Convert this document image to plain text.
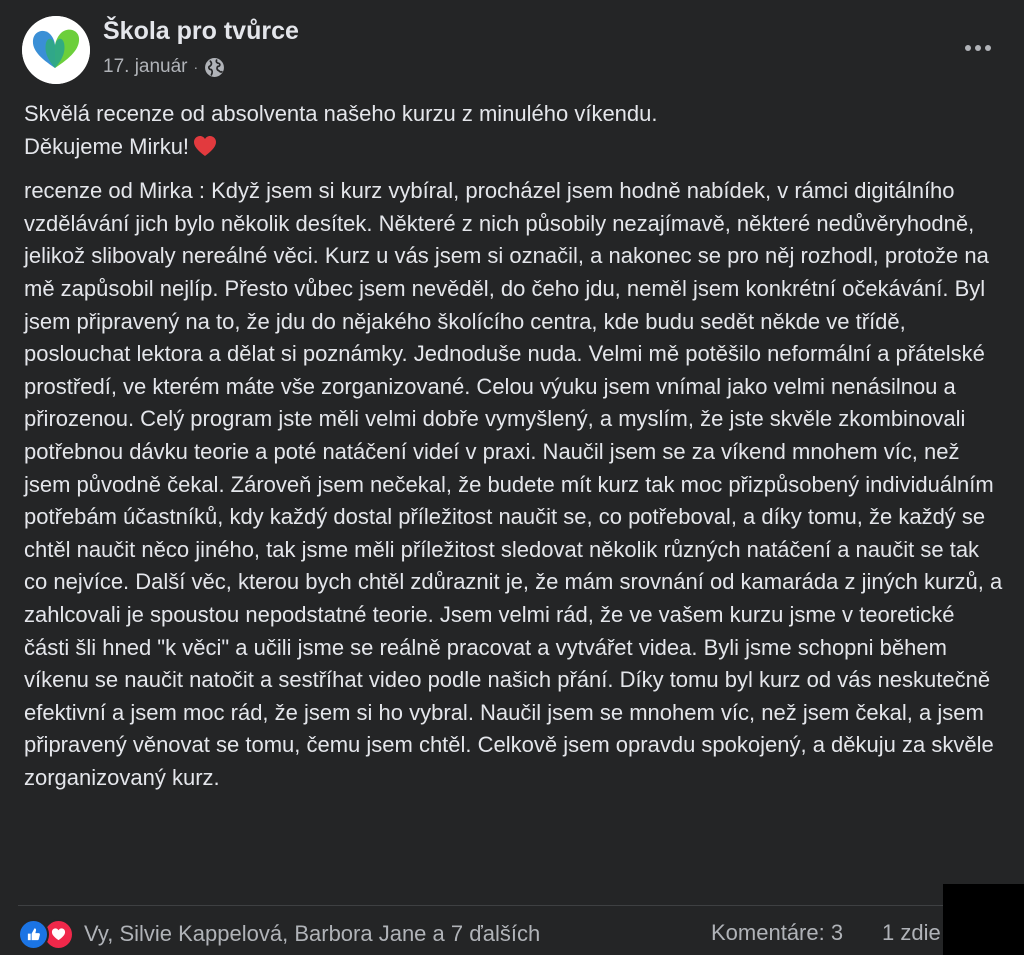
Škola pro tvůrce
17. január ·

Skvělá recenze od absolventa našeho kurzu z minulého víkendu.

Děkujeme Mirku!

recenze od Mirka : Když jsem si kurz vybíral, procházel jsem hodně nabídek, v rámci digitálního vzdělávání jich bylo několik desítek. Některé z nich působily nezajímavě, některé nedůvěryhodně, jelikož slibovaly nereálné věci. Kurz u vás jsem si označil, a nakonec se pro něj rozhodl, protože na mě zapůsobil nejlíp. Přesto vůbec jsem nevěděl, do čeho jdu, neměl jsem konkrétní očekávání. Byl jsem připravený na to, že jdu do nějakého školícího centra, kde budu sedět někde ve třídě, poslouchat lektora a dělat si poznámky. Jednoduše nuda. Velmi mě potěšilo neformální a přátelské prostředí, ve kterém máte vše zorganizované. Celou výuku jsem vnímal jako velmi nenásilnou a přirozenou. Celý program jste měli velmi dobře vymyšlený, a myslím, že jste skvěle zkombinovali potřebnou dávku teorie a poté natáčení videí v praxi. Naučil jsem se za víkend mnohem víc, než jsem původně čekal. Zároveň jsem nečekal, že budete mít kurz tak moc přizpůsobený individuálním potřebám účastníků, kdy každý dostal příležitost naučit se, co potřeboval, a díky tomu, že každý se chtěl naučit něco jiného, tak jsme měli příležitost sledovat několik různých natáčení a naučit se tak co nejvíce. Další věc, kterou bych chtěl zdůraznit je, že mám srovnání od kamaráda z jiných kurzů, a zahlcovali je spoustou nepodstatné teorie. Jsem velmi rád, že ve vašem kurzu jsme v teoretické části šli hned "k věci" a učili jsme se reálně pracovat a vytvářet videa. Byli jsme schopni během víkenu se naučit natočit a sestříhat video podle našich přání. Díky tomu byl kurz od vás neskutečně efektivní a jsem moc rád, že jsem si ho vybral. Naučil jsem se mnohem víc, než jsem čekal, a jsem připravený věnovat se tomu, čemu jsem chtěl. Celkově jsem opravdu spokojený, a děkuju za skvěle zorganizovaný kurz.

Vy, Silvie Kappelová, Barbora Jane a 7 ďalších	Komentáre: 3 1 zdie
